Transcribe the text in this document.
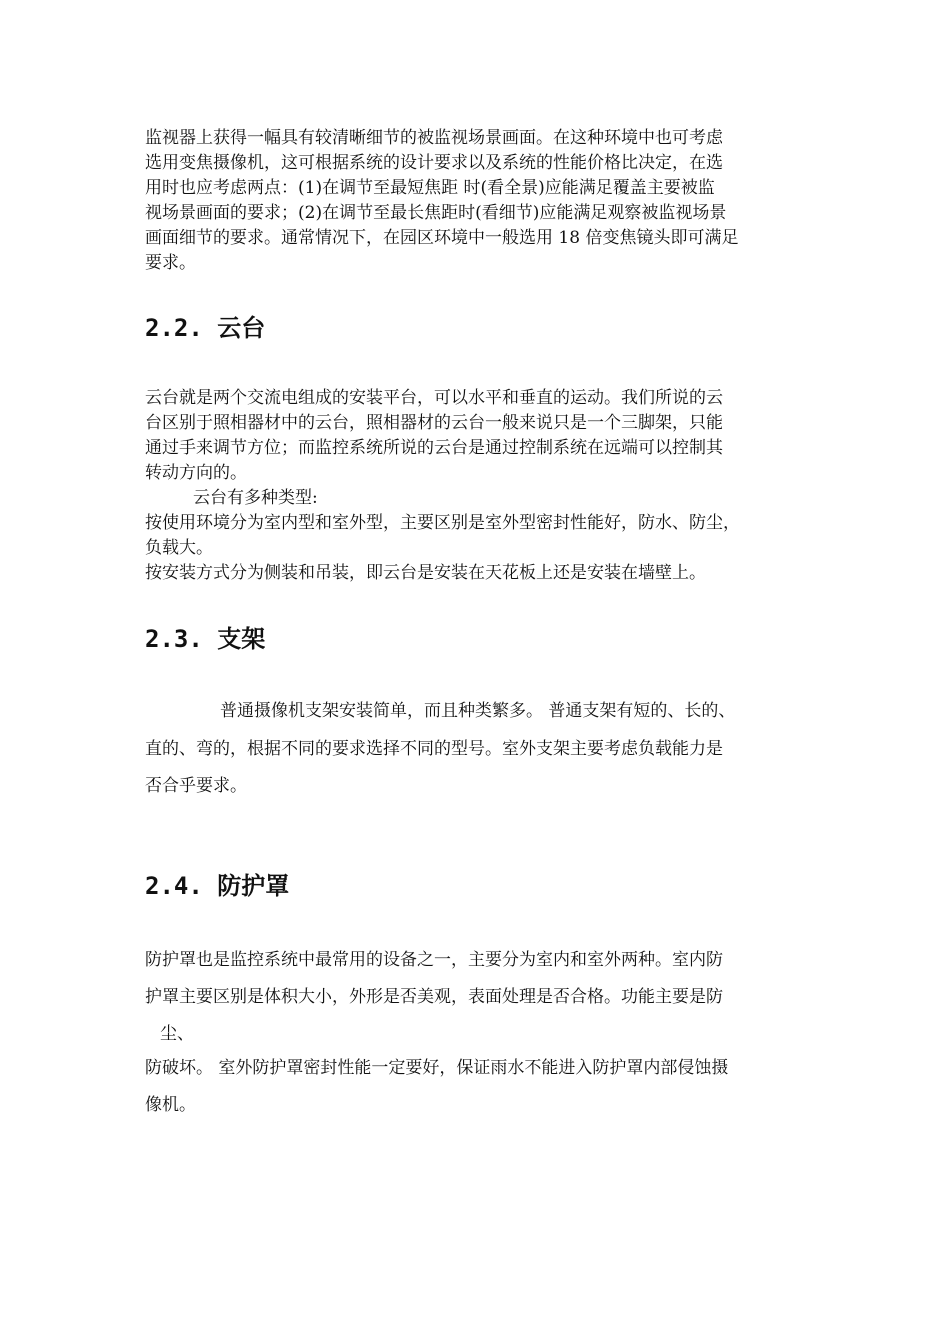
监视器上获得一幅具有较清晰细节的被监视场景画面。在这种环境中也可考虑
选用变焦摄像机，这可根据系统的设计要求以及系统的性能价格比决定，在选
用时也应考虑两点：(1)在调节至最短焦距 时(看全景)应能满足覆盖主要被监
视场景画面的要求；(2)在调节至最长焦距时(看细节)应能满足观察被监视场景
画面细节的要求。通常情况下，在园区环境中一般选用 18 倍变焦镜头即可满足
要求。
2.2. 云台
云台就是两个交流电组成的安装平台，可以水平和垂直的运动。我们所说的云
台区别于照相器材中的云台，照相器材的云台一般来说只是一个三脚架，只能
通过手来调节方位；而监控系统所说的云台是通过控制系统在远端可以控制其
转动方向的。
云台有多种类型:
按使用环境分为室内型和室外型，主要区别是室外型密封性能好，防水、防尘，
负载大。
按安装方式分为侧装和吊装，即云台是安装在天花板上还是安装在墙壁上。
2.3. 支架
普通摄像机支架安装简单，而且种类繁多。 普通支架有短的、长的、
直的、弯的，根据不同的要求选择不同的型号。室外支架主要考虑负载能力是
否合乎要求。
2.4. 防护罩
防护罩也是监控系统中最常用的设备之一，主要分为室内和室外两种。室内防
护罩主要区别是体积大小，外形是否美观，表面处理是否合格。功能主要是防
尘、
防破坏。 室外防护罩密封性能一定要好，保证雨水不能进入防护罩内部侵蚀摄
像机。
